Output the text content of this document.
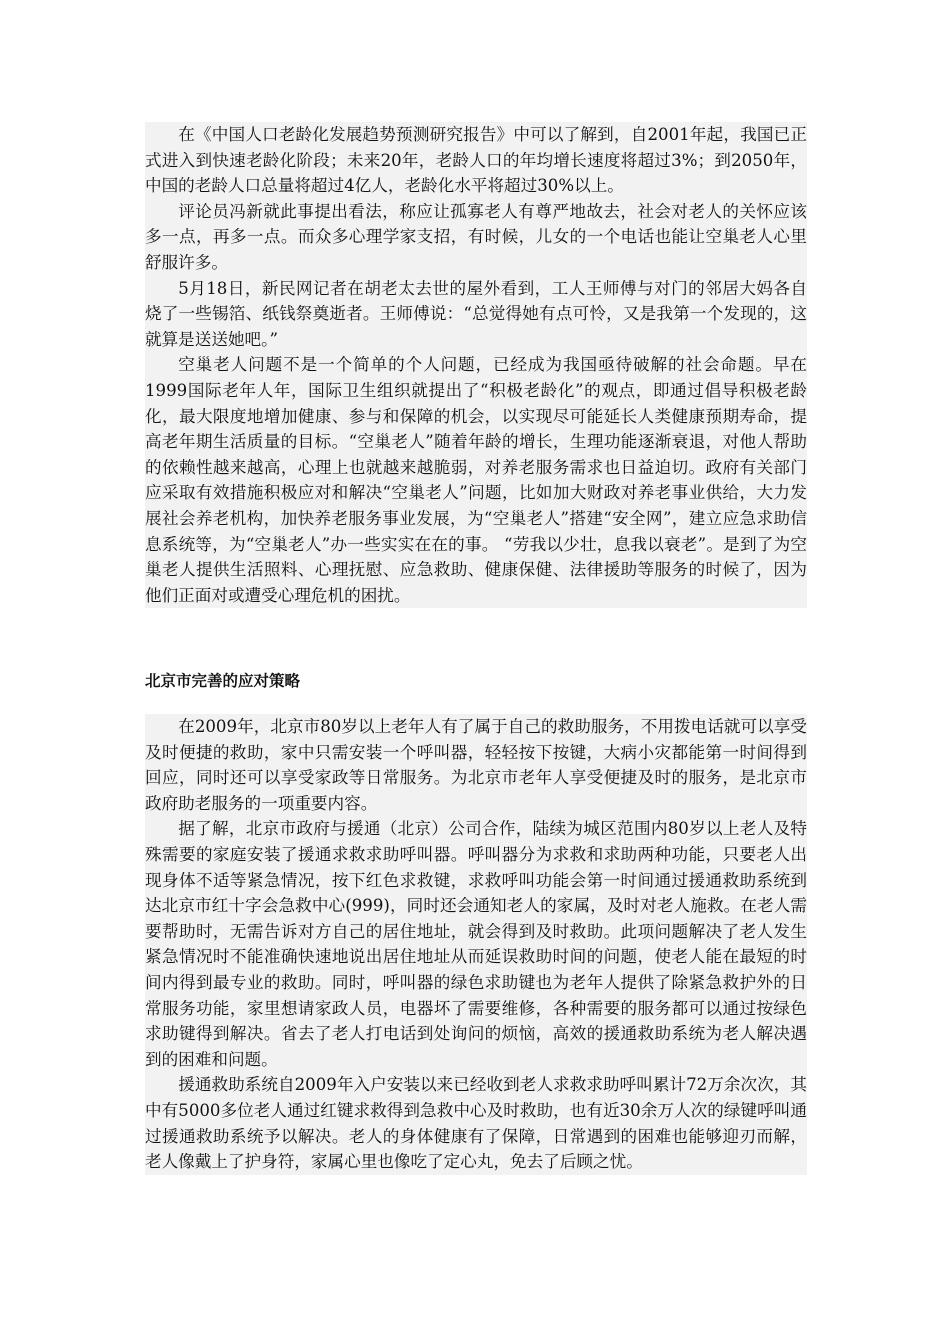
在《中国人口老龄化发展趋势预测研究报告》中可以了解到，自2001年起，我国已正式进入到快速老龄化阶段；未来20年，老龄人口的年均增长速度将超过3%；到2050年，中国的老龄人口总量将超过4亿人，老龄化水平将超过30%以上。

评论员冯新就此事提出看法，称应让孤寡老人有尊严地故去，社会对老人的关怀应该多一点，再多一点。而众多心理学家支招，有时候，儿女的一个电话也能让空巢老人心里舒服许多。

5月18日，新民网记者在胡老太去世的屋外看到，工人王师傅与对门的邻居大妈各自烧了一些锡箔、纸钱祭奠逝者。王师傅说：“总觉得她有点可怜，又是我第一个发现的，这就算是送送她吧。”

空巢老人问题不是一个简单的个人问题，已经成为我国亟待破解的社会命题。早在1999国际老年人年，国际卫生组织就提出了“积极老龄化”的观点，即通过倡导积极老龄化，最大限度地增加健康、参与和保障的机会，以实现尽可能延长人类健康预期寿命，提高老年期生活质量的目标。“空巢老人”随着年龄的增长，生理功能逐渐衰退，对他人帮助的依赖性越来越高，心理上也就越来越脆弱，对养老服务需求也日益迫切。政府有关部门应采取有效措施积极应对和解决“空巢老人”问题，比如加大财政对养老事业供给，大力发展社会养老机构，加快养老服务事业发展，为“空巢老人”搭建“安全网”，建立应急求助信息系统等，为“空巢老人”办一些实实在在的事。 “劳我以少壮，息我以衰老”。是到了为空巢老人提供生活照料、心理抚慰、应急救助、健康保健、法律援助等服务的时候了，因为他们正面对或遭受心理危机的困扰。

北京市完善的应对策略

在2009年，北京市80岁以上老年人有了属于自己的救助服务，不用拨电话就可以享受及时便捷的救助，家中只需安装一个呼叫器，轻轻按下按键，大病小灾都能第一时间得到回应，同时还可以享受家政等日常服务。为北京市老年人享受便捷及时的服务，是北京市政府助老服务的一项重要内容。

据了解，北京市政府与援通（北京）公司合作，陆续为城区范围内80岁以上老人及特殊需要的家庭安装了援通求救求助呼叫器。呼叫器分为求救和求助两种功能，只要老人出现身体不适等紧急情况，按下红色求救键，求救呼叫功能会第一时间通过援通救助系统到达北京市红十字会急救中心(999)，同时还会通知老人的家属，及时对老人施救。在老人需要帮助时，无需告诉对方自己的居住地址，就会得到及时救助。此项问题解决了老人发生紧急情况时不能准确快速地说出居住地址从而延误救助时间的问题，使老人能在最短的时间内得到最专业的救助。同时，呼叫器的绿色求助键也为老年人提供了除紧急救护外的日常服务功能，家里想请家政人员，电器坏了需要维修，各种需要的服务都可以通过按绿色求助键得到解决。省去了老人打电话到处询问的烦恼，高效的援通救助系统为老人解决遇到的困难和问题。

援通救助系统自2009年入户安装以来已经收到老人求救求助呼叫累计72万余次次，其中有5000多位老人通过红键求救得到急救中心及时救助，也有近30余万人次的绿键呼叫通过援通救助系统予以解决。老人的身体健康有了保障，日常遇到的困难也能够迎刃而解，老人像戴上了护身符，家属心里也像吃了定心丸，免去了后顾之忧。
